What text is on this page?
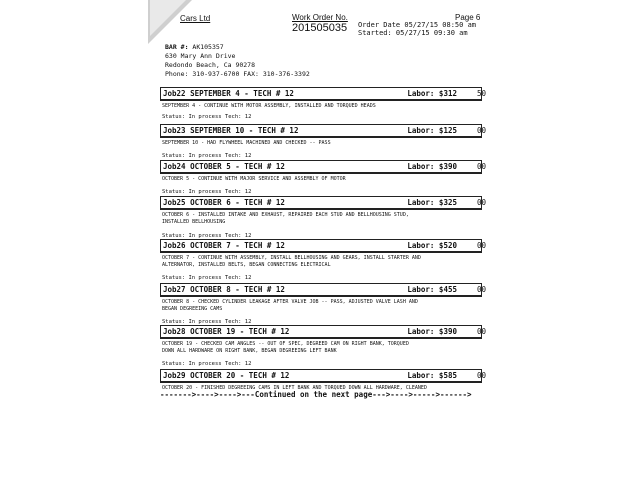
Cars Ltd	Work Order No.
201505035
Page 6
Order Date 05/27/15 08:50 am
Started: 05/27/15 09:30 am
BAR #: AK105357
630 Mary Ann Drive
Redondo Beach, Ca 90278
Phone: 310-937-6700 FAX: 310-376-3392
Job22 SEPTEMBER 4 - TECH # 12	Labor: $312	50
SEPTEMBER 4 - CONTINUE WITH MOTOR ASSEMBLY, INSTALLED AND TORQUED HEADS
Status: In process Tech: 12
Job23 SEPTEMBER 10 - TECH # 12	Labor: $125	00
SEPTEMBER 10 - HAD FLYWHEEL MACHINED AND CHECKED -- PASS
Status: In process Tech: 12
Job24 OCTOBER 5 - TECH # 12	Labor: $390	00
OCTOBER 5 - CONTINUE WITH MAJOR SERVICE AND ASSEMBLY OF MOTOR
Status: In process Tech: 12
Job25 OCTOBER 6 - TECH # 12	Labor: $325	00
OCTOBER 6 - INSTALLED INTAKE AND EXHAUST, REPAIRED EACH STUD AND BELLHOUSING STUD,
INSTALLED BELLHOUSING
Status: In process Tech: 12
Job26 OCTOBER 7 - TECH # 12	Labor: $520	00
OCTOBER 7 - CONTINUE WITH ASSEMBLY, INSTALL BELLHOUSING AND GEARS, INSTALL STARTER AND
ALTERNATOR, INSTALLED BELTS, BEGAN CONNECTING ELECTRICAL
Status: In process Tech: 12
Job27 OCTOBER 8 - TECH # 12	Labor: $455	00
OCTOBER 8 - CHECKED CYLINDER LEAKAGE AFTER VALVE JOB -- PASS, ADJUSTED VALVE LASH AND
BEGAN DEGREEING CAMS
Status: In process Tech: 12
Job28 OCTOBER 19 - TECH # 12	Labor: $390	00
OCTOBER 19 - CHECKED CAM ANGLES -- OUT OF SPEC, DEGREED CAM ON RIGHT BANK, TORQUED
DOWN ALL HARDWARE ON RIGHT BANK, BEGAN DEGREEING LEFT BANK
Status: In process Tech: 12
Job29 OCTOBER 20 - TECH # 12	Labor: $585	00
OCTOBER 20 - FINISHED DEGREEING CAMS IN LEFT BANK AND TORQUED DOWN ALL HARDWARE, CLEANED
------->---->---->---Continued on the next page--->---->----->------>
